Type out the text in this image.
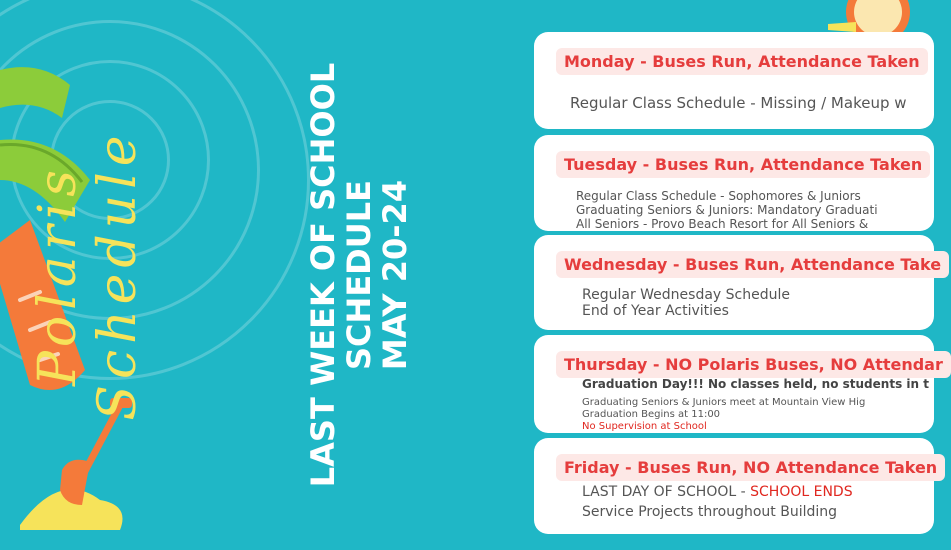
Polaris Schedule	LAST WEEK OF SCHOOL
SCHEDULE
MAY 20-24
Monday - Buses Run, Attendance Taken
Regular Class Schedule - Missing / Makeup w
Tuesday - Buses Run, Attendance Taken
Regular Class Schedule - Sophomores & Juniors
Graduating Seniors & Juniors: Mandatory Graduati
All Seniors - Provo Beach Resort for All Seniors &
Wednesday - Buses Run, Attendance Take
Regular Wednesday Schedule
End of Year Activities
Thursday - NO Polaris Buses, NO Attendar
Graduation Day!!! No classes held, no students in t
Graduating Seniors & Juniors meet at Mountain View Hig
Graduation Begins at 11:00
No Supervision at School
Friday - Buses Run, NO Attendance Taken
LAST DAY OF SCHOOL - SCHOOL ENDS
Service Projects throughout Building
